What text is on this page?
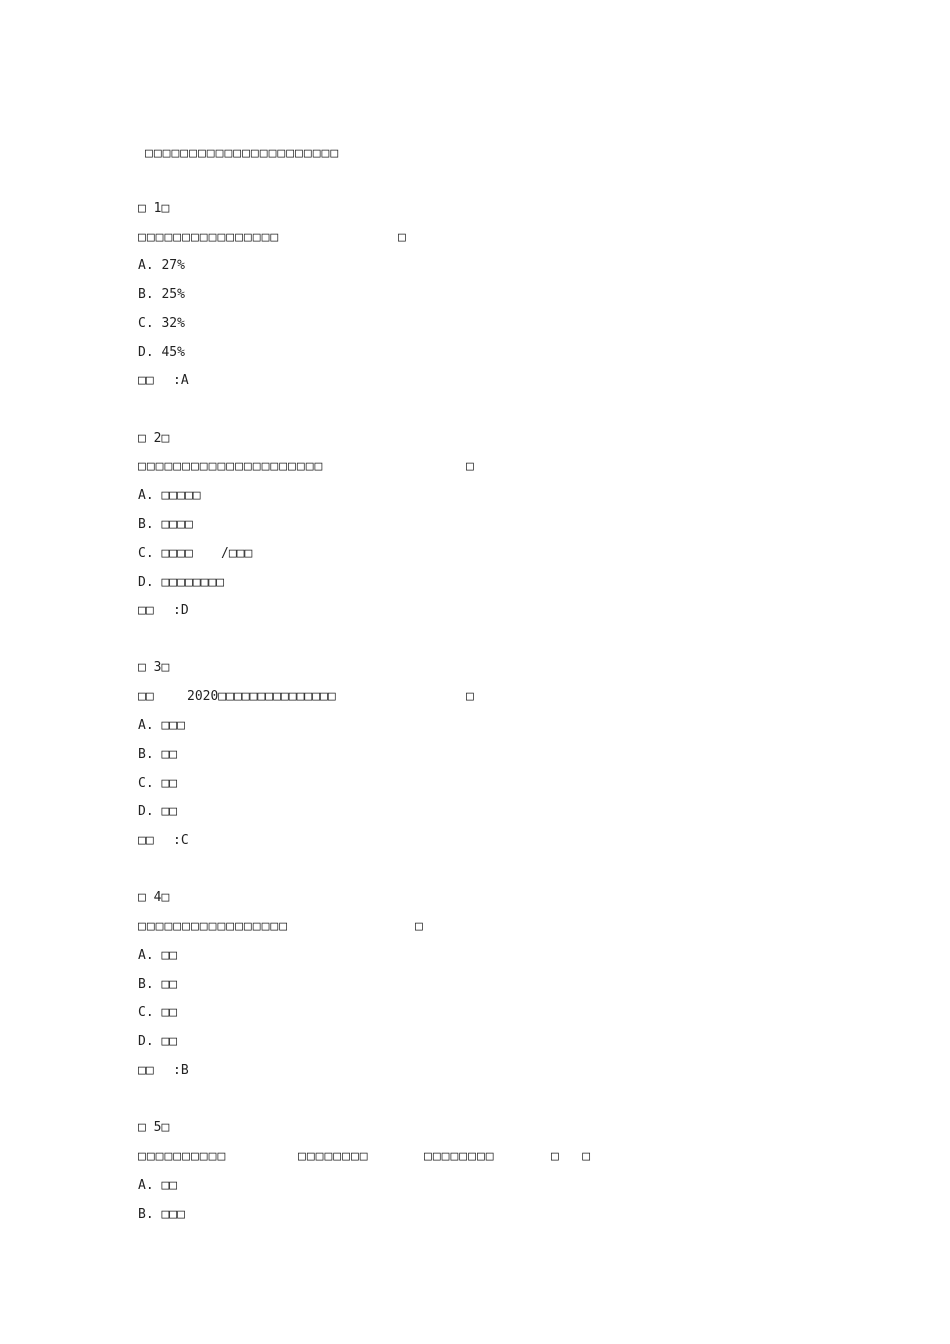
□□□□□□□□□□□□□□□□□□□□□□
□ 1□
□□□□□□□□□□□□□□□□	□
A. 27%
B. 25%
C. 32%
D. 45%
□□ :A
□ 2□
□□□□□□□□□□□□□□□□□□□□□	□
A. □□□□□
B. □□□□
C. □□□□ /□□□
D. □□□□□□□□
□□ :D
□ 3□
□□	2020□□□□□□□□□□□□□□□	□
A. □□□
B. □□
C. □□
D. □□
□□ :C
□ 4□
□□□□□□□□□□□□□□□□□	□
A. □□
B. □□
C. □□
D. □□
□□ :B
□ 5□
□□□□□□□□□□	□□□□□□□□	□□□□□□□□	□   □
A. □□
B. □□□
